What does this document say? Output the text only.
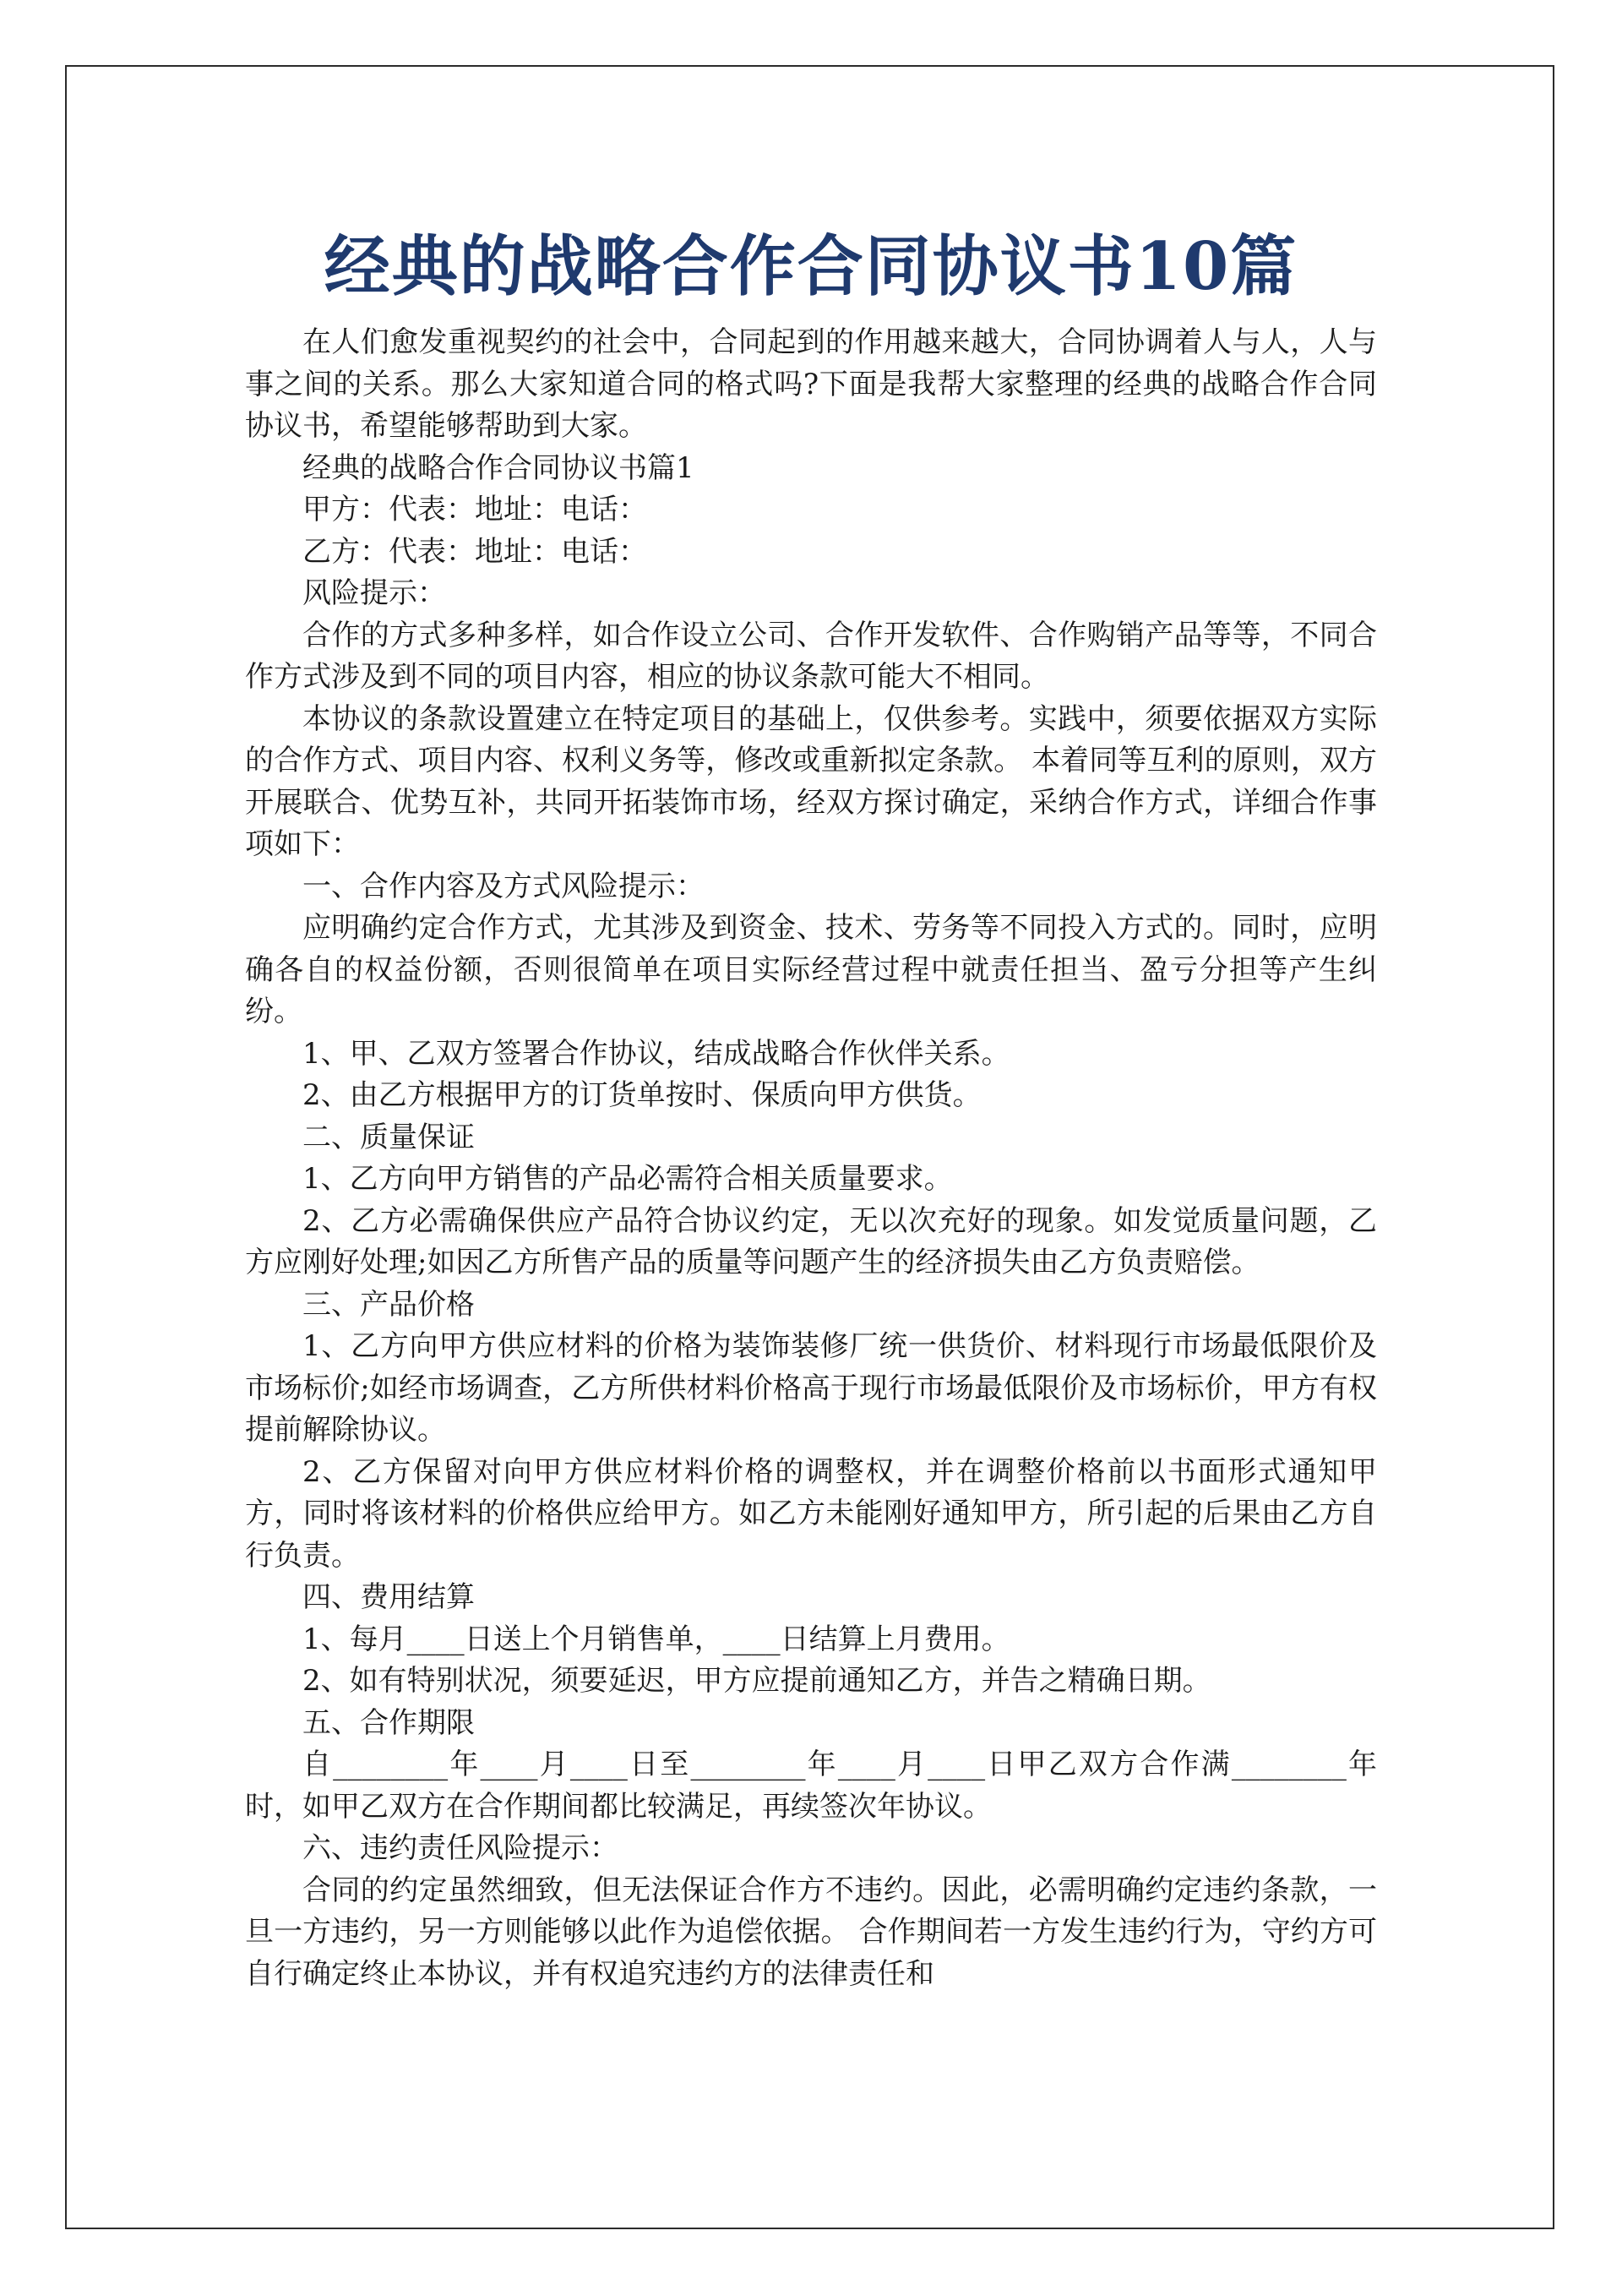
经典的战略合作合同协议书10篇

在人们愈发重视契约的社会中，合同起到的作用越来越大，合同协调着人与人，人与事之间的关系。那么大家知道合同的格式吗?下面是我帮大家整理的经典的战略合作合同协议书，希望能够帮助到大家。

经典的战略合作合同协议书篇1

甲方：代表：地址：电话：

乙方：代表：地址：电话：

风险提示：

合作的方式多种多样，如合作设立公司、合作开发软件、合作购销产品等等，不同合作方式涉及到不同的项目内容，相应的协议条款可能大不相同。

本协议的条款设置建立在特定项目的基础上，仅供参考。实践中，须要依据双方实际的合作方式、项目内容、权利义务等，修改或重新拟定条款。 本着同等互利的原则，双方开展联合、优势互补，共同开拓装饰市场，经双方探讨确定，采纳合作方式，详细合作事项如下：

一、合作内容及方式风险提示：

应明确约定合作方式，尤其涉及到资金、技术、劳务等不同投入方式的。同时，应明确各自的权益份额，否则很简单在项目实际经营过程中就责任担当、盈亏分担等产生纠纷。

1、甲、乙双方签署合作协议，结成战略合作伙伴关系。

2、由乙方根据甲方的订货单按时、保质向甲方供货。

二、质量保证

1、乙方向甲方销售的产品必需符合相关质量要求。

2、乙方必需确保供应产品符合协议约定，无以次充好的现象。如发觉质量问题，乙方应刚好处理;如因乙方所售产品的质量等问题产生的经济损失由乙方负责赔偿。

三、产品价格

1、乙方向甲方供应材料的价格为装饰装修厂统一供货价、材料现行市场最低限价及市场标价;如经市场调查，乙方所供材料价格高于现行市场最低限价及市场标价，甲方有权提前解除协议。

2、乙方保留对向甲方供应材料价格的调整权，并在调整价格前以书面形式通知甲方，同时将该材料的价格供应给甲方。如乙方未能刚好通知甲方，所引起的后果由乙方自行负责。

四、费用结算

1、每月____日送上个月销售单，____日结算上月费用。

2、如有特别状况，须要延迟，甲方应提前通知乙方，并告之精确日期。

五、合作期限

自________年____月____日至________年____月____日甲乙双方合作满________年时，如甲乙双方在合作期间都比较满足，再续签次年协议。

六、违约责任风险提示：

合同的约定虽然细致，但无法保证合作方不违约。因此，必需明确约定违约条款，一旦一方违约，另一方则能够以此作为追偿依据。 合作期间若一方发生违约行为，守约方可自行确定终止本协议，并有权追究违约方的法律责任和
